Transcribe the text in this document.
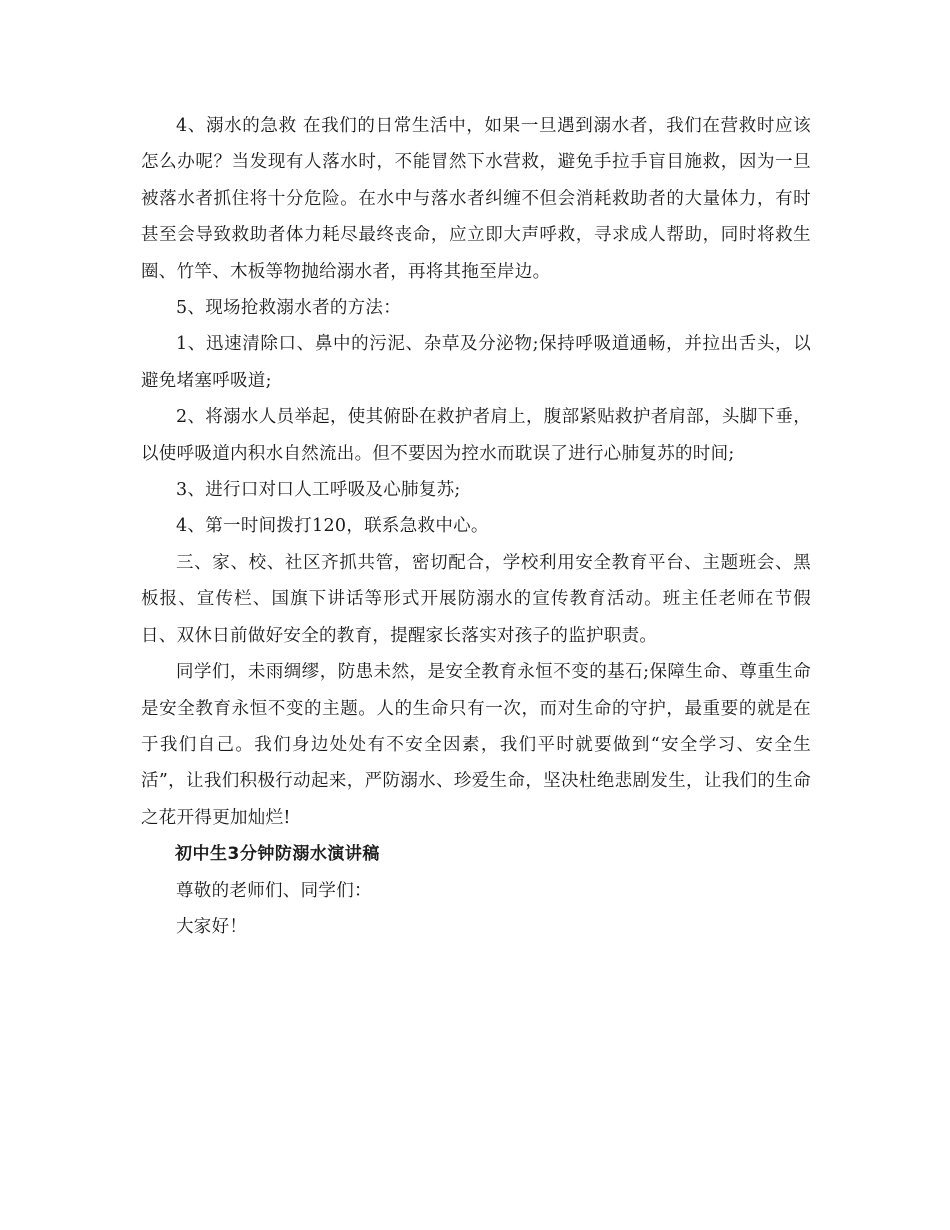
4、溺水的急救 在我们的日常生活中，如果一旦遇到溺水者，我们在营救时应该怎么办呢？当发现有人落水时，不能冒然下水营救，避免手拉手盲目施救，因为一旦被落水者抓住将十分危险。在水中与落水者纠缠不但会消耗救助者的大量体力，有时甚至会导致救助者体力耗尽最终丧命，应立即大声呼救，寻求成人帮助，同时将救生圈、竹竿、木板等物抛给溺水者，再将其拖至岸边。

5、现场抢救溺水者的方法：

1、迅速清除口、鼻中的污泥、杂草及分泌物;保持呼吸道通畅，并拉出舌头，以避免堵塞呼吸道;

2、将溺水人员举起，使其俯卧在救护者肩上，腹部紧贴救护者肩部，头脚下垂，以使呼吸道内积水自然流出。但不要因为控水而耽误了进行心肺复苏的时间;

3、进行口对口人工呼吸及心肺复苏;

4、第一时间拨打120，联系急救中心。

三、家、校、社区齐抓共管，密切配合，学校利用安全教育平台、主题班会、黑板报、宣传栏、国旗下讲话等形式开展防溺水的宣传教育活动。班主任老师在节假日、双休日前做好安全的教育，提醒家长落实对孩子的监护职责。

同学们，未雨绸缪，防患未然，是安全教育永恒不变的基石;保障生命、尊重生命是安全教育永恒不变的主题。人的生命只有一次，而对生命的守护，最重要的就是在于我们自己。我们身边处处有不安全因素，我们平时就要做到“安全学习、安全生活”，让我们积极行动起来，严防溺水、珍爱生命，坚决杜绝悲剧发生，让我们的生命之花开得更加灿烂!

初中生3分钟防溺水演讲稿

尊敬的老师们、同学们：

大家好！
